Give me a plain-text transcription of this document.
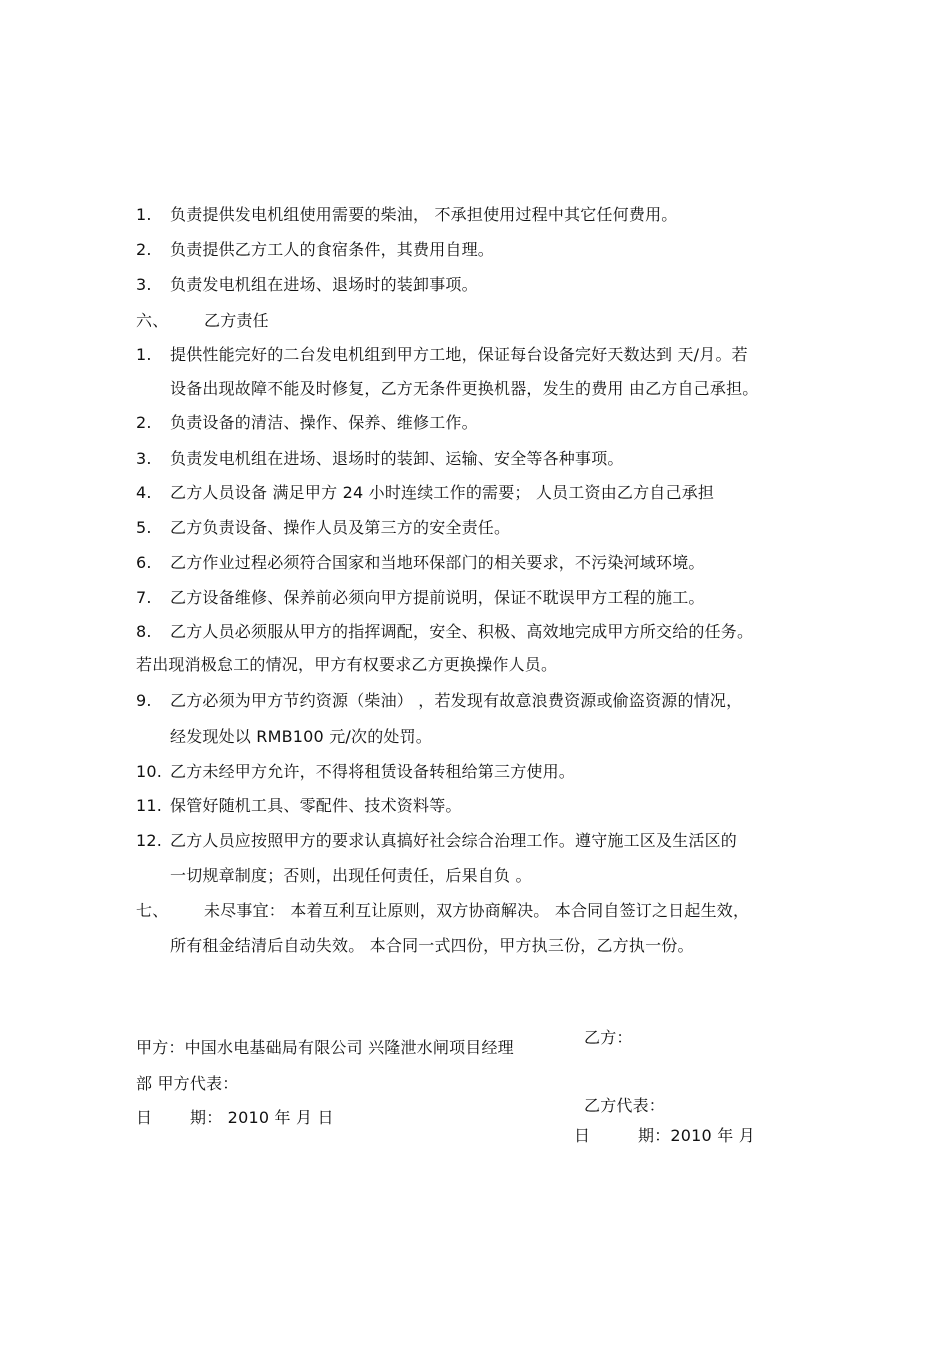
1. 负责提供发电机组使用需要的柴油， 不承担使用过程中其它任何费用。
2. 负责提供乙方工人的食宿条件，其费用自理。
3. 负责发电机组在进场、退场时的装卸事项。
六、 乙方责任
1. 提供性能完好的二台发电机组到甲方工地，保证每台设备完好天数达到 天/月。若
设备出现故障不能及时修复，乙方无条件更换机器，发生的费用 由乙方自己承担。
2. 负责设备的清洁、操作、保养、维修工作。
3. 负责发电机组在进场、退场时的装卸、运输、安全等各种事项。
4. 乙方人员设备 满足甲方 24 小时连续工作的需要； 人员工资由乙方自己承担
5. 乙方负责设备、操作人员及第三方的安全责任。
6. 乙方作业过程必须符合国家和当地环保部门的相关要求，不污染河域环境。
7. 乙方设备维修、保养前必须向甲方提前说明，保证不耽误甲方工程的施工。
8. 乙方人员必须服从甲方的指挥调配，安全、积极、高效地完成甲方所交给的任务。
若出现消极怠工的情况，甲方有权要求乙方更换操作人员。
9. 乙方必须为甲方节约资源（柴油） ，若发现有故意浪费资源或偷盗资源的情况，
经发现处以 RMB100 元/次的处罚。
10. 乙方未经甲方允许，不得将租赁设备转租给第三方使用。
11. 保管好随机工具、零配件、技术资料等。
12. 乙方人员应按照甲方的要求认真搞好社会综合治理工作。遵守施工区及生活区的
一切规章制度；否则，出现任何责任，后果自负 。
七、 未尽事宜： 本着互利互让原则，双方协商解决。 本合同自签订之日起生效，
所有租金结清后自动失效。 本合同一式四份，甲方执三份，乙方执一份。
甲方：中国水电基础局有限公司 兴隆泄水闸项目经理
部 甲方代表：
日 期： 2010 年 月 日
乙方：
乙方代表：
日	期：2010 年 月
